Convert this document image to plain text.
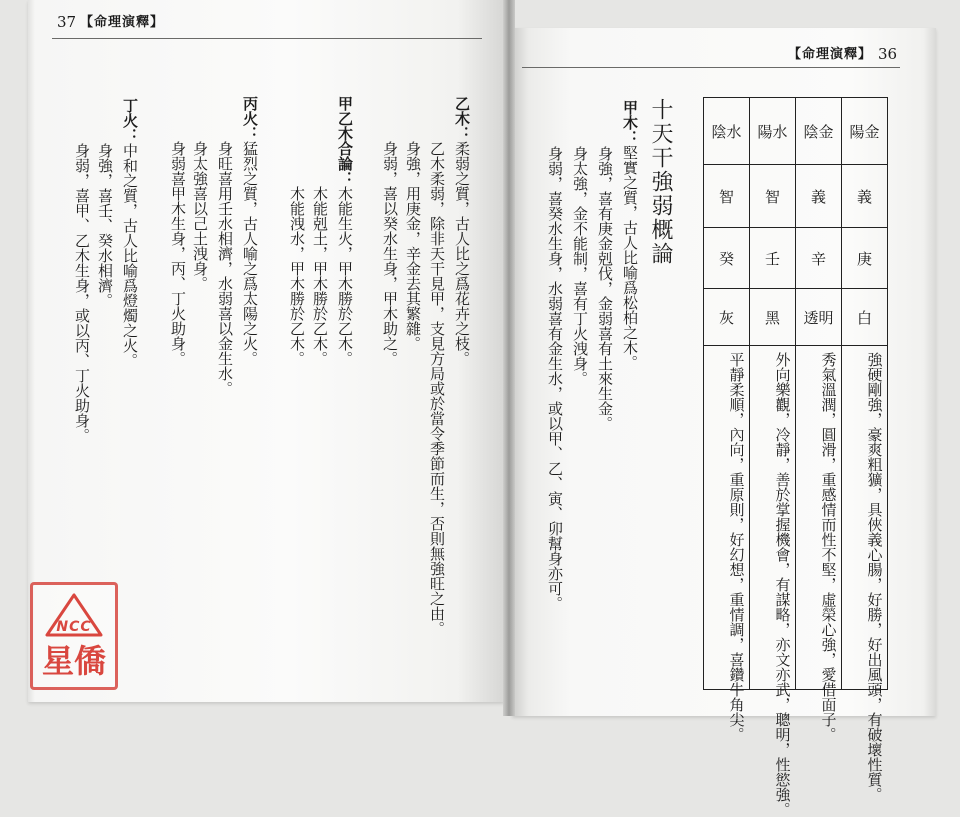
37 【命理演釋】
【命理演釋】 36
乙木：柔弱之質，古人比之爲花卉之枝。
乙木柔弱，除非天干見甲，支見方局或於當令季節而生，否則無強旺之由。
身強，用庚金，辛金去其繁雜。
身弱，喜以癸水生身，甲木助之。
甲乙木合論：木能生火，甲木勝於乙木。
木能剋土，甲木勝於乙木。
木能洩水，甲木勝於乙木。
丙火：猛烈之質，古人喻之爲太陽之火。
身旺喜用壬水相濟，水弱喜以金生水。
身太強喜以己土洩身。
身弱喜甲木生身，丙、丁火助身。
丁火：中和之質，古人比喻爲燈燭之火。
身強，喜壬、癸水相濟。
身弱，喜甲、乙木生身，或以丙、丁火助身。	十天干強弱概論
甲木：堅實之質，古人比喻爲松柏之木。
身強，喜有庚金剋伐，金弱喜有土來生金。
身太強，金不能制，喜有丁火洩身。
身弱，喜癸水生身，水弱喜有金生水，或以甲、乙、寅、卯幫身亦可。
陽金
義
庚
白
強硬剛強，豪爽粗獷，具俠義心腸，好勝，好出風頭，有破壞性質。
陰金
義
辛
透明
秀氣溫潤，圓滑，重感情而性不堅，虛榮心強，愛借面子。
陽水
智
壬
黑
外向樂觀，冷靜，善於掌握機會，有謀略，亦文亦武，聰明，性慾強。
陰水
智
癸
灰
平靜柔順，內向，重原則，好幻想，重情調，喜鑽牛角尖。
NCC
星僑
